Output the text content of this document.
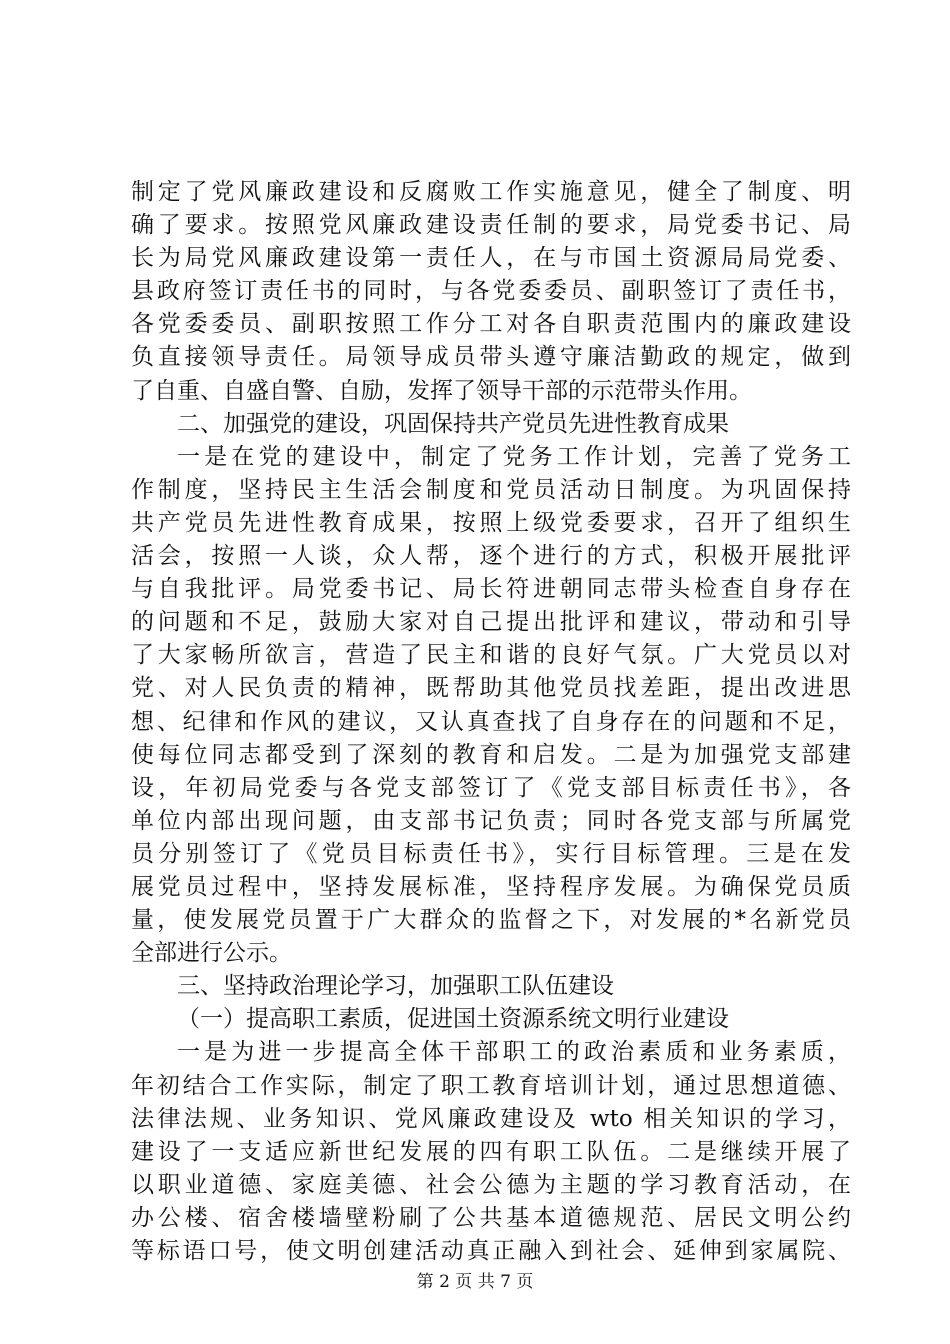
制定了党风廉政建设和反腐败工作实施意见，健全了制度、明
确了要求。按照党风廉政建设责任制的要求，局党委书记、局
长为局党风廉政建设第一责任人，在与市国土资源局局党委、
县政府签订责任书的同时，与各党委委员、副职签订了责任书，
各党委委员、副职按照工作分工对各自职责范围内的廉政建设
负直接领导责任。局领导成员带头遵守廉洁勤政的规定，做到
了自重、自盛自警、自励，发挥了领导干部的示范带头作用。
二、加强党的建设，巩固保持共产党员先进性教育成果
一是在党的建设中，制定了党务工作计划，完善了党务工
作制度，坚持民主生活会制度和党员活动日制度。为巩固保持
共产党员先进性教育成果，按照上级党委要求，召开了组织生
活会，按照一人谈，众人帮，逐个进行的方式，积极开展批评
与自我批评。局党委书记、局长符进朝同志带头检查自身存在
的问题和不足，鼓励大家对自己提出批评和建议，带动和引导
了大家畅所欲言，营造了民主和谐的良好气氛。广大党员以对
党、对人民负责的精神，既帮助其他党员找差距，提出改进思
想、纪律和作风的建议，又认真查找了自身存在的问题和不足，
使每位同志都受到了深刻的教育和启发。二是为加强党支部建
设，年初局党委与各党支部签订了《党支部目标责任书》，各
单位内部出现问题，由支部书记负责；同时各党支部与所属党
员分别签订了《党员目标责任书》，实行目标管理。三是在发
展党员过程中，坚持发展标准，坚持程序发展。为确保党员质
量，使发展党员置于广大群众的监督之下，对发展的*名新党员
全部进行公示。
三、坚持政治理论学习，加强职工队伍建设
（一）提高职工素质，促进国土资源系统文明行业建设
一是为进一步提高全体干部职工的政治素质和业务素质，
年初结合工作实际，制定了职工教育培训计划，通过思想道德、
法律法规、业务知识、党风廉政建设及 wto 相关知识的学习，
建设了一支适应新世纪发展的四有职工队伍。二是继续开展了
以职业道德、家庭美德、社会公德为主题的学习教育活动，在
办公楼、宿舍楼墙壁粉刷了公共基本道德规范、居民文明公约
等标语口号，使文明创建活动真正融入到社会、延伸到家属院、
第 2 页 共 7 页
